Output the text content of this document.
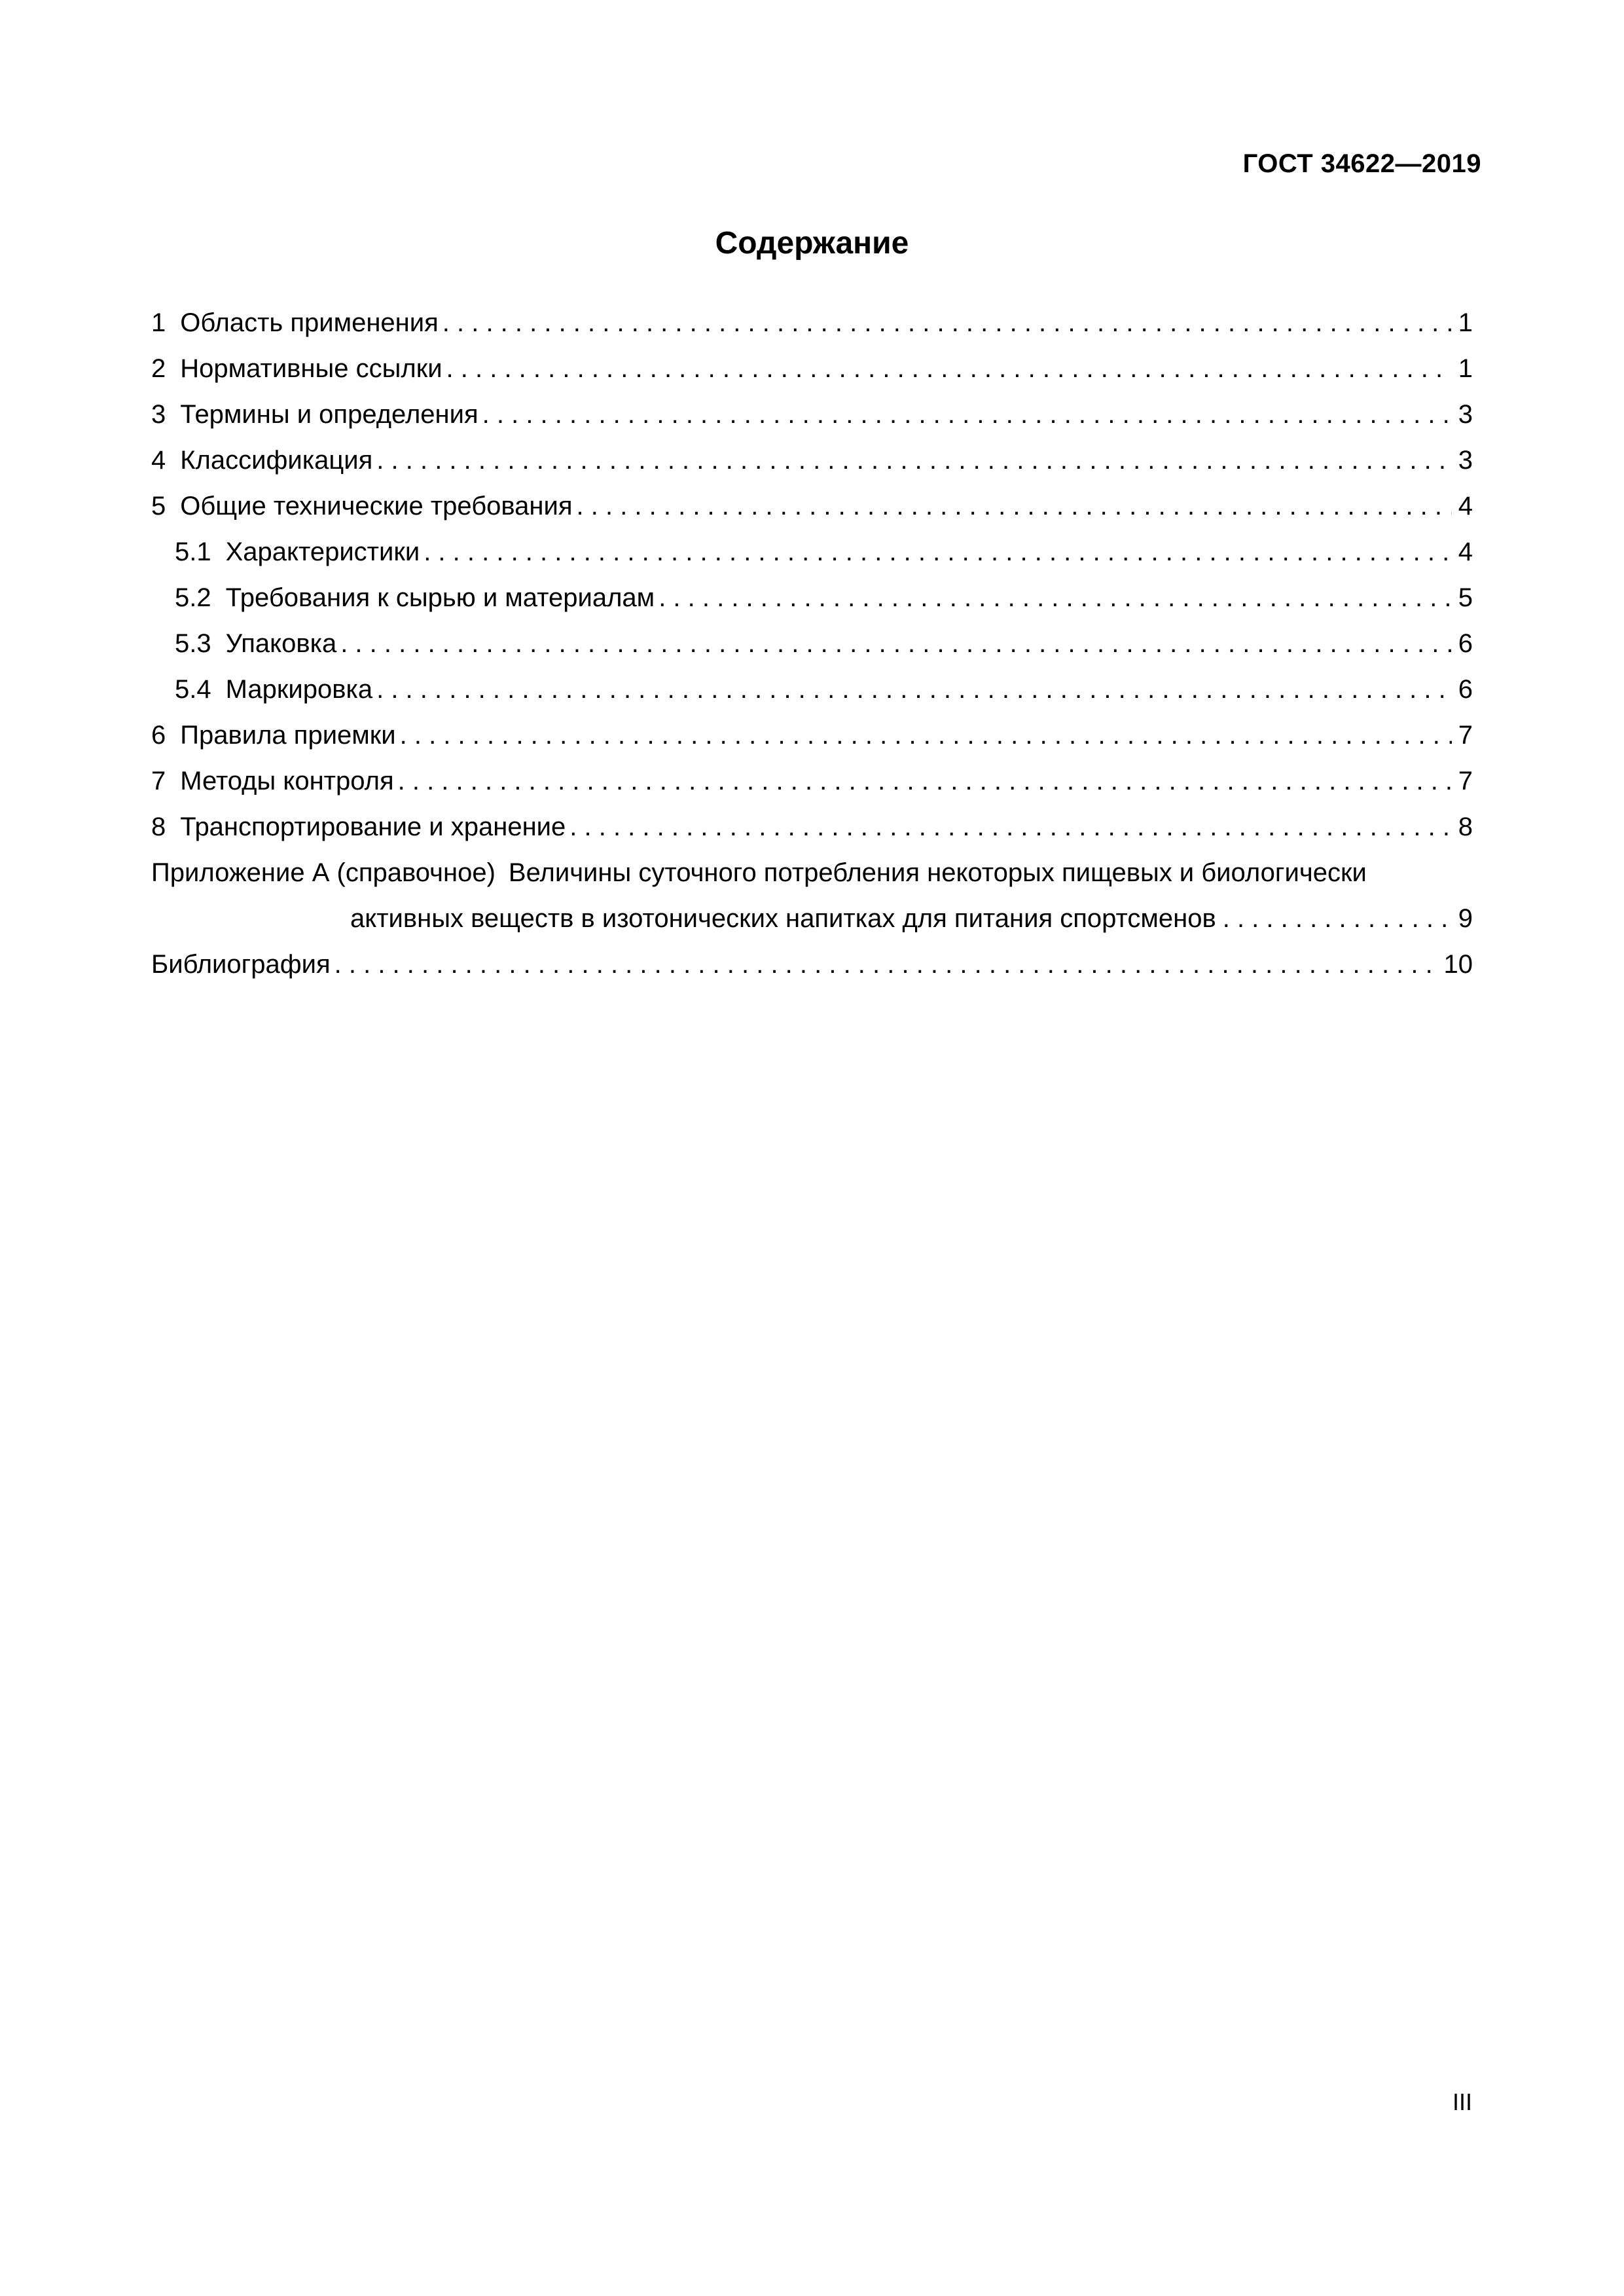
ГОСТ 34622—2019
Содержание
1 Область применения . . .	1
2 Нормативные ссылки . . .	1
3 Термины и определения . . .	3
4 Классификация . . .	3
5 Общие технические требования . . .	4
5.1 Характеристики . . .	4
5.2 Требования к сырью и материалам . . .	5
5.3 Упаковка . . .	6
5.4 Маркировка . . .	6
6 Правила приемки . . .	7
7 Методы контроля . . .	7
8 Транспортирование и хранение . . .	8
Приложение А (справочное) Величины суточного потребления некоторых пищевых и биологически
активных веществ в изотонических напитках для питания спортсменов . . .	9
Библиография . . .	10
III
